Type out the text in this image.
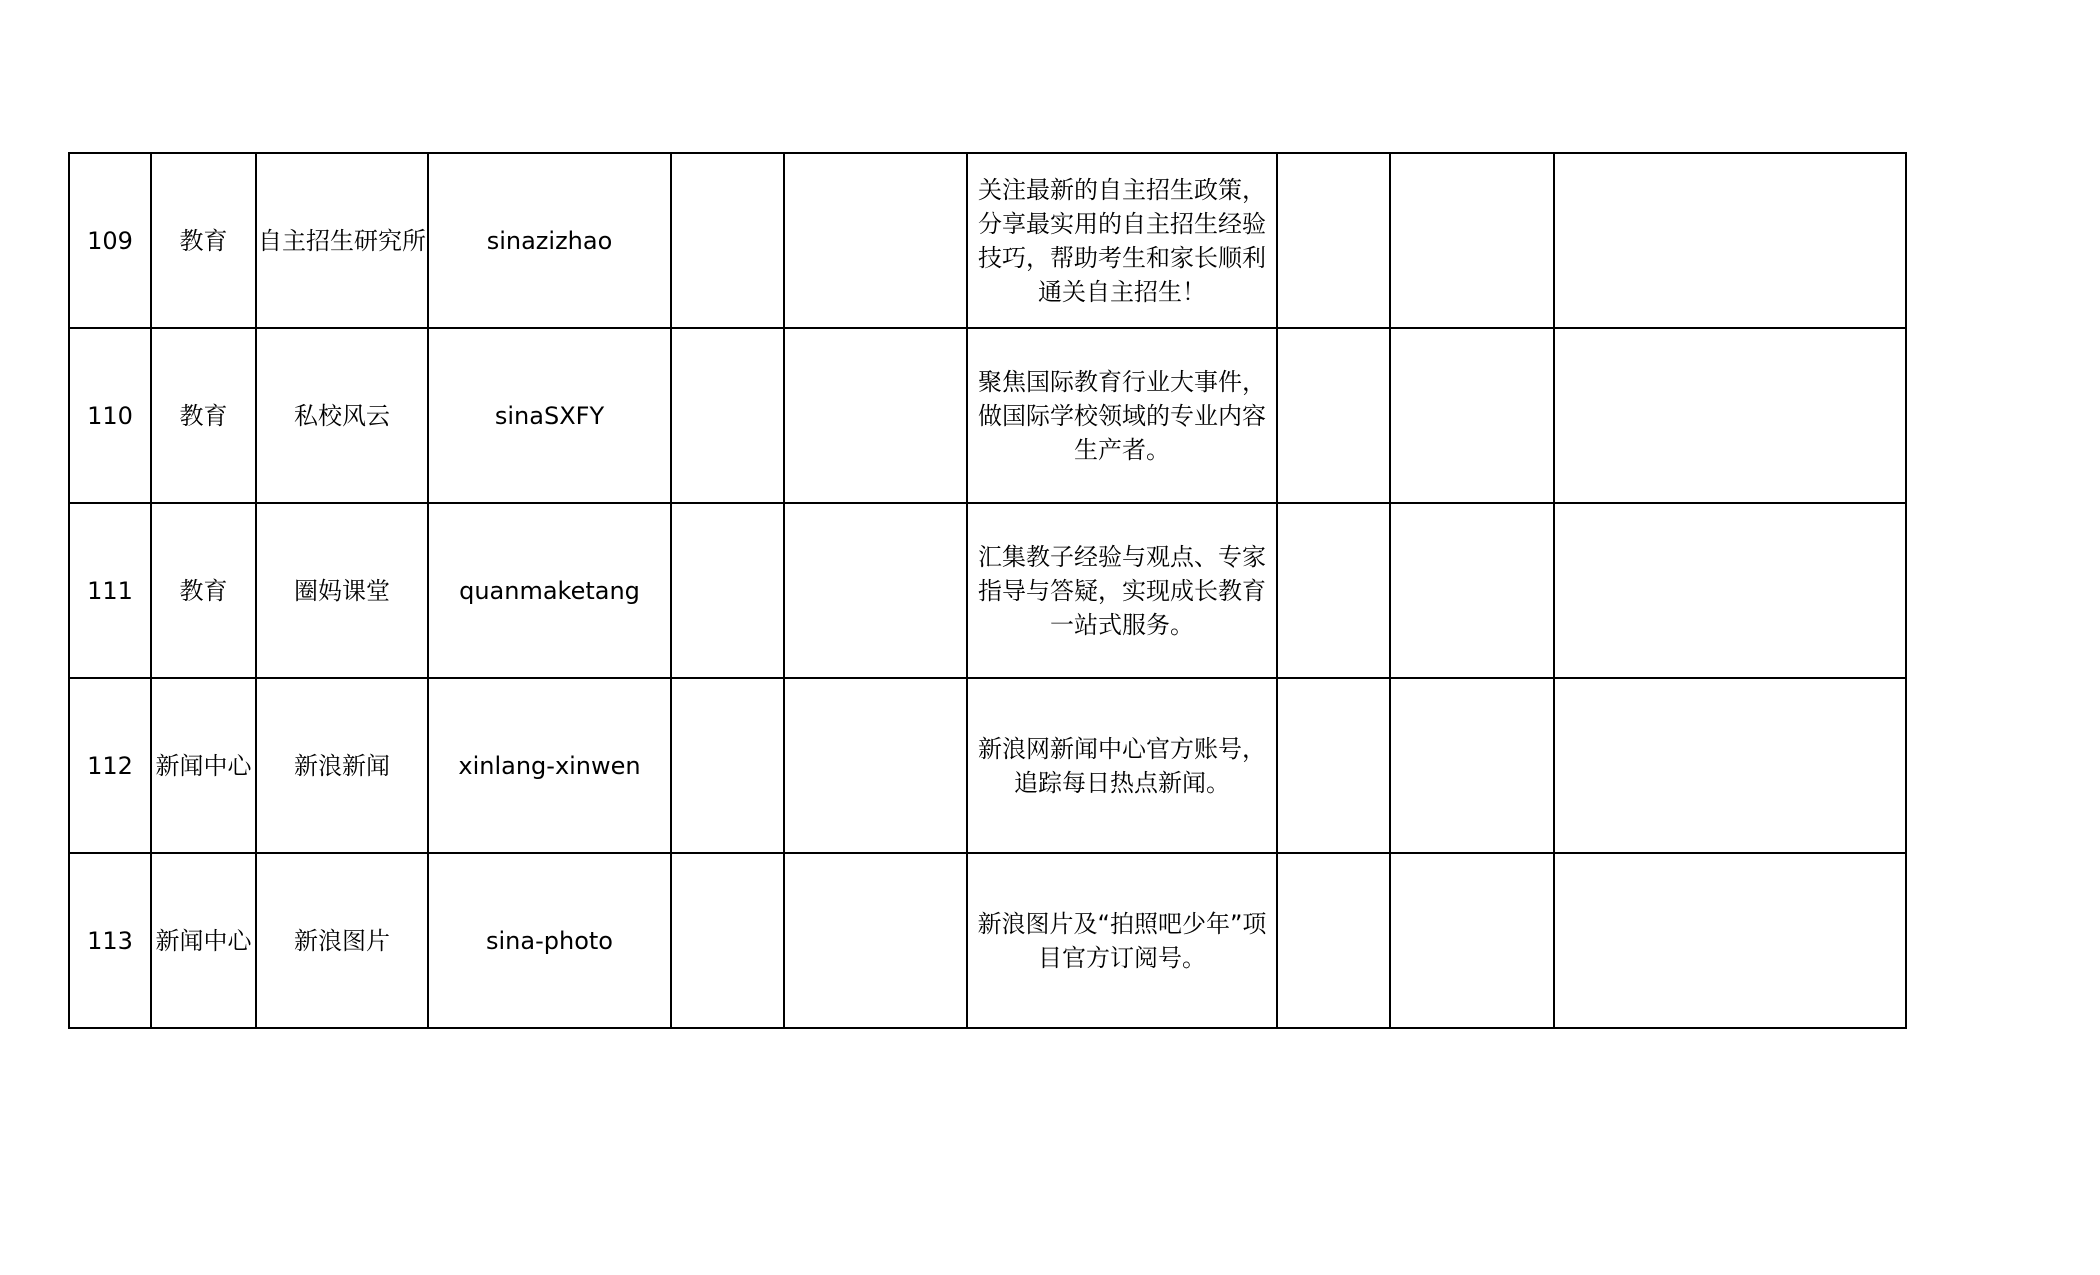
109	教育	自主招生研究所	sinazizhao			关注最新的自主招生政策，分享最实用的自主招生经验技巧，帮助考生和家长顺利通关自主招生！			
110	教育	私校风云	sinaSXFY			聚焦国际教育行业大事件，做国际学校领域的专业内容生产者。			
111	教育	圈妈课堂	quanmaketang			汇集教子经验与观点、专家指导与答疑，实现成长教育一站式服务。			
112	新闻中心	新浪新闻	xinlang-xinwen			新浪网新闻中心官方账号，追踪每日热点新闻。			
113	新闻中心	新浪图片	sina-photo			新浪图片及“拍照吧少年”项目官方订阅号。			
